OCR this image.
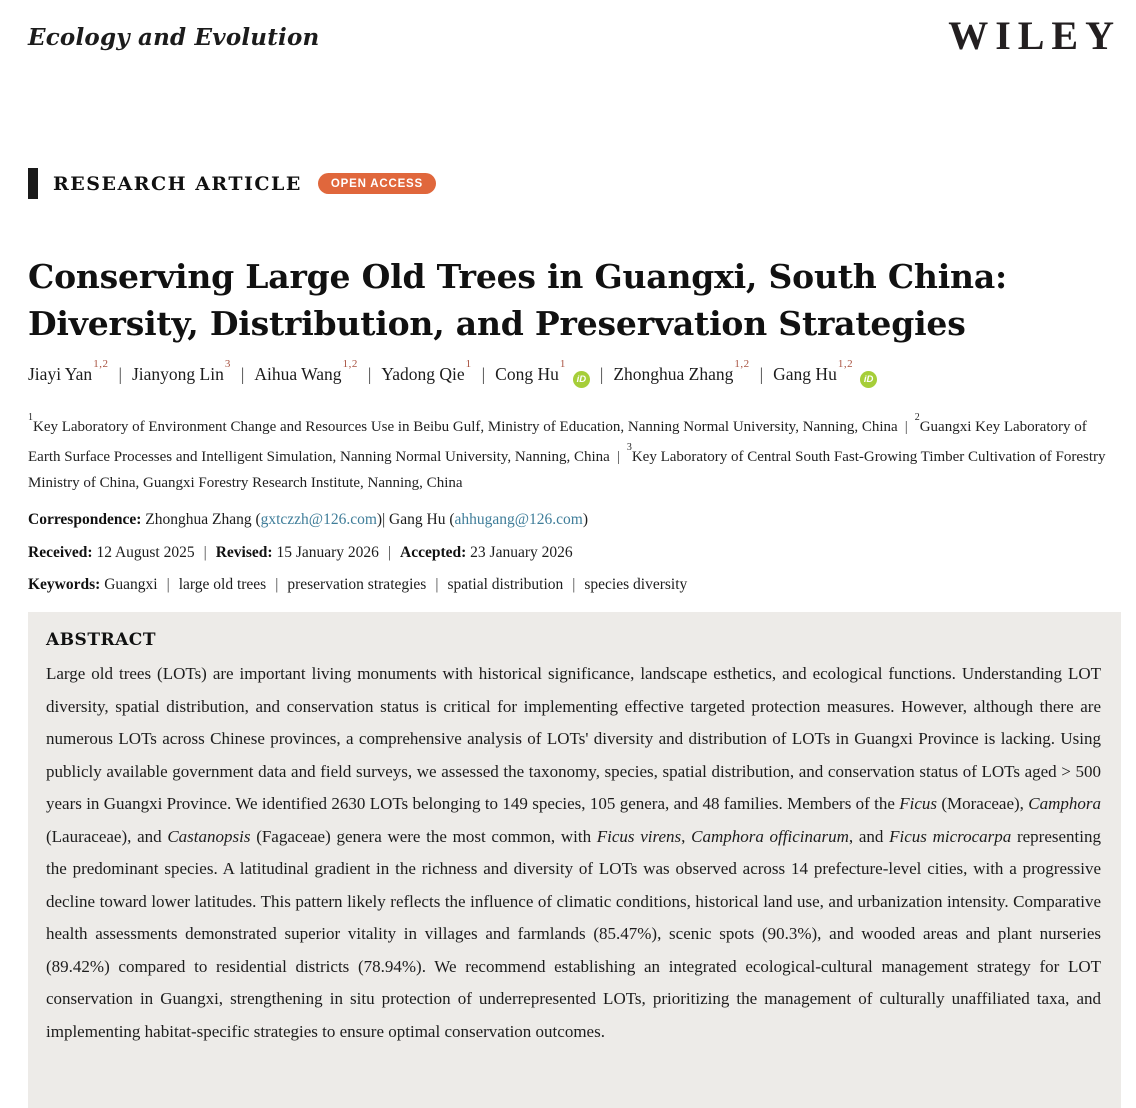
Ecology and Evolution	WILEY
RESEARCH ARTICLE	OPEN ACCESS
Conserving Large Old Trees in Guangxi, South China:
Diversity, Distribution, and Preservation Strategies
Jiayi Yan$^{1,2}$ | Jianyong Lin$^3$ | Aihua Wang$^{1,2}$ | Yadong Qie$^1$ | Cong Hu$^1$iD | Zhonghua Zhang$^{1,2}$ | Gang Hu$^{1,2}$iD
$^1$Key Laboratory of Environment Change and Resources Use in Beibu Gulf, Ministry of Education, Nanning Normal University, Nanning, China $|^2Guangxi$ Key Laboratory of Earth Surface Processes and Intelligent Simulation, Nanning Normal University, Nanning, China $|^3Key$ Laboratory of Central South Fast-Growing Timber Cultivation of Forestry Ministry of China, Guangxi Forestry Research Institute, Nanning, China
Correspondence: Zhonghua Zhang (gxtczzh@126.com)| Gang Hu (ahhugang@126.com)
Received: 12 August 2025 | Revised: 15 January 2026 | Accepted: 23 January 2026
Keywords: Guangxi | large old trees | preservation strategies | spatial distribution | species diversity
ABSTRACT
Large old trees (LOTs) are important living monuments with historical significance, landscape esthetics, and ecological functions. Understanding LOT diversity, spatial distribution, and conservation status is critical for implementing effective targeted protection measures. However, although there are numerous LOTs across Chinese provinces, a comprehensive analysis of LOTs' diversity and distribution of LOTs in Guangxi Province is lacking. Using publicly available government data and field surveys, we assessed the taxonomy, species, spatial distribution, and conservation status of LOTs aged > 500 years in Guangxi Province. We identified 2630 LOTs belonging to 149 species, 105 genera, and 48 families. Members of the Ficus (Moraceae), Camphora (Lauraceae), and Castanopsis (Fagaceae) genera were the most common, with Ficus virens, Camphora officinarum, and Ficus microcarpa representing the predominant species. A latitudinal gradient in the richness and diversity of LOTs was observed across 14 prefecture-level cities, with a progressive decline toward lower latitudes. This pattern likely reflects the influence of climatic conditions, historical land use, and urbanization intensity. Comparative health assessments demonstrated superior vitality in villages and farmlands (85.47%), scenic spots (90.3%), and wooded areas and plant nurseries (89.42%) compared to residential districts (78.94%). We recommend establishing an integrated ecological-cultural management strategy for LOT conservation in Guangxi, strengthening in situ protection of underrepresented LOTs, prioritizing the management of culturally unaffiliated taxa, and implementing habitat-specific strategies to ensure optimal conservation outcomes.
